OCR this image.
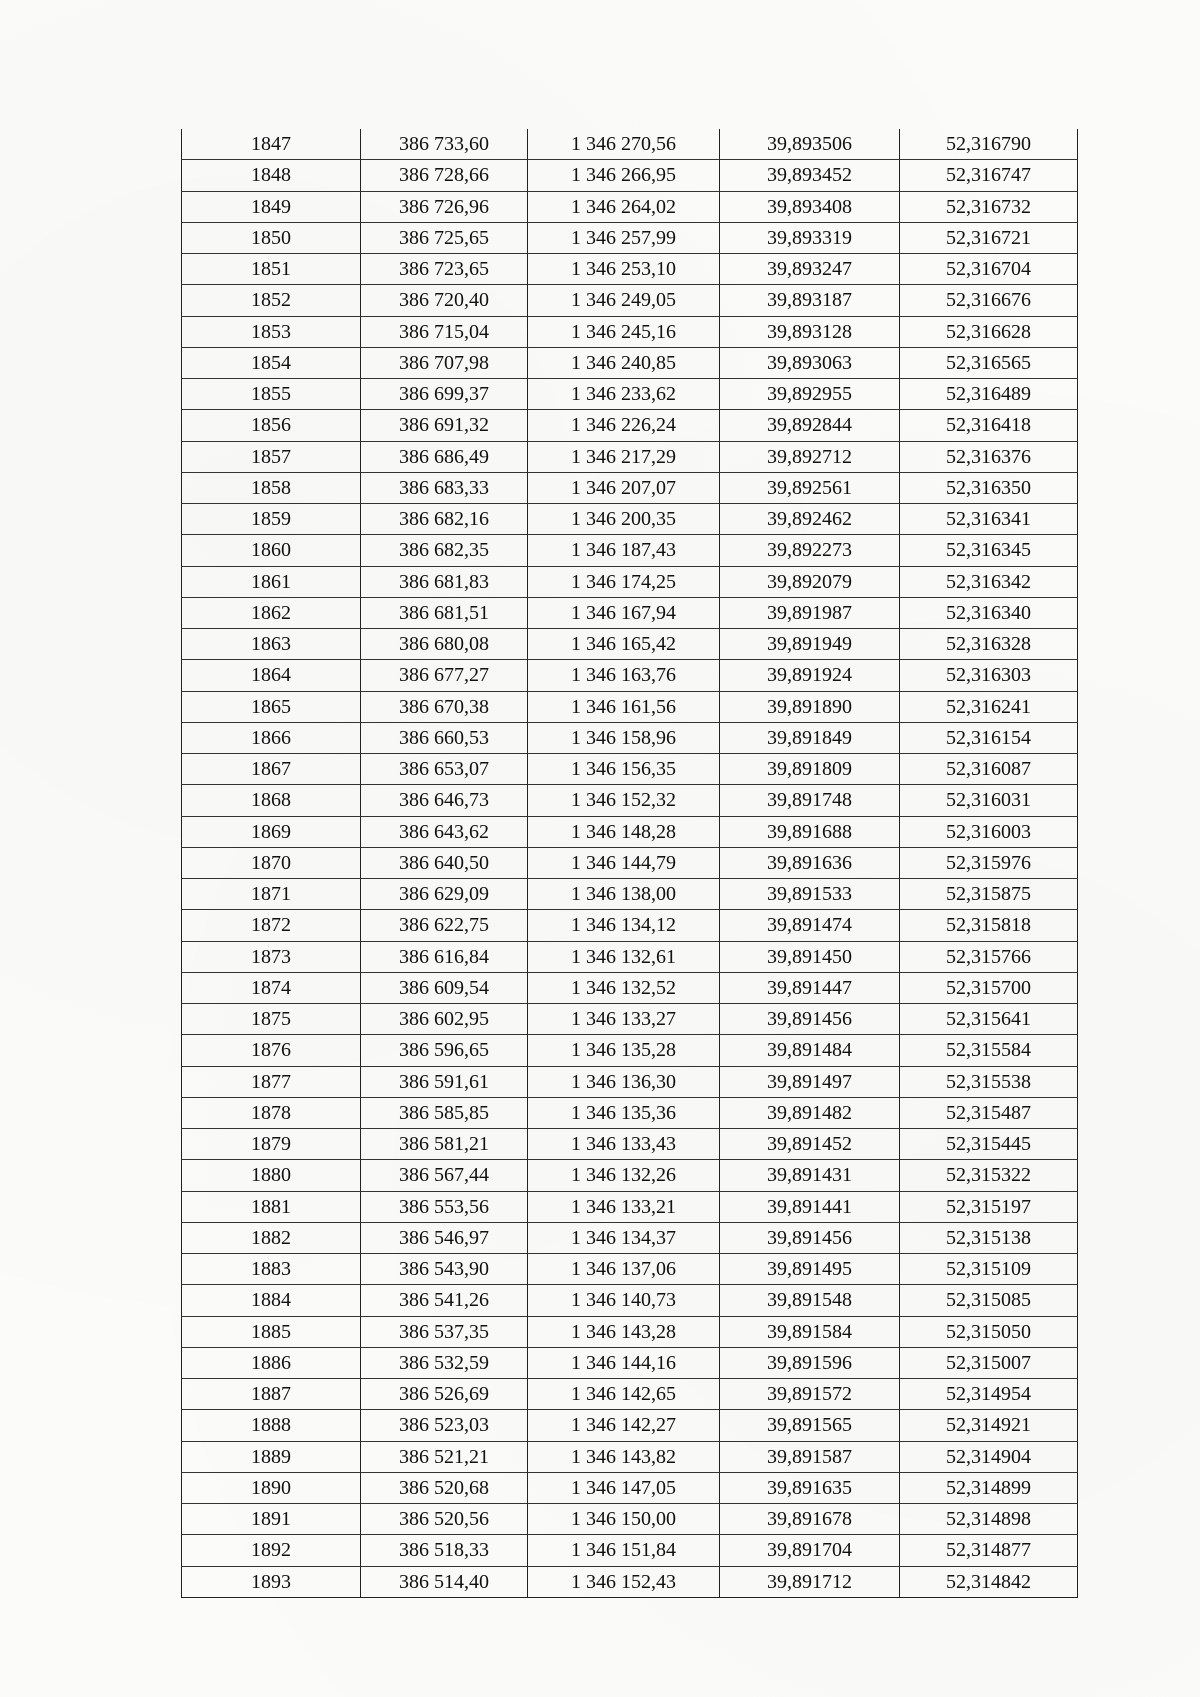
1847	386 733,60	1 346 270,56	39,893506	52,316790
1848	386 728,66	1 346 266,95	39,893452	52,316747
1849	386 726,96	1 346 264,02	39,893408	52,316732
1850	386 725,65	1 346 257,99	39,893319	52,316721
1851	386 723,65	1 346 253,10	39,893247	52,316704
1852	386 720,40	1 346 249,05	39,893187	52,316676
1853	386 715,04	1 346 245,16	39,893128	52,316628
1854	386 707,98	1 346 240,85	39,893063	52,316565
1855	386 699,37	1 346 233,62	39,892955	52,316489
1856	386 691,32	1 346 226,24	39,892844	52,316418
1857	386 686,49	1 346 217,29	39,892712	52,316376
1858	386 683,33	1 346 207,07	39,892561	52,316350
1859	386 682,16	1 346 200,35	39,892462	52,316341
1860	386 682,35	1 346 187,43	39,892273	52,316345
1861	386 681,83	1 346 174,25	39,892079	52,316342
1862	386 681,51	1 346 167,94	39,891987	52,316340
1863	386 680,08	1 346 165,42	39,891949	52,316328
1864	386 677,27	1 346 163,76	39,891924	52,316303
1865	386 670,38	1 346 161,56	39,891890	52,316241
1866	386 660,53	1 346 158,96	39,891849	52,316154
1867	386 653,07	1 346 156,35	39,891809	52,316087
1868	386 646,73	1 346 152,32	39,891748	52,316031
1869	386 643,62	1 346 148,28	39,891688	52,316003
1870	386 640,50	1 346 144,79	39,891636	52,315976
1871	386 629,09	1 346 138,00	39,891533	52,315875
1872	386 622,75	1 346 134,12	39,891474	52,315818
1873	386 616,84	1 346 132,61	39,891450	52,315766
1874	386 609,54	1 346 132,52	39,891447	52,315700
1875	386 602,95	1 346 133,27	39,891456	52,315641
1876	386 596,65	1 346 135,28	39,891484	52,315584
1877	386 591,61	1 346 136,30	39,891497	52,315538
1878	386 585,85	1 346 135,36	39,891482	52,315487
1879	386 581,21	1 346 133,43	39,891452	52,315445
1880	386 567,44	1 346 132,26	39,891431	52,315322
1881	386 553,56	1 346 133,21	39,891441	52,315197
1882	386 546,97	1 346 134,37	39,891456	52,315138
1883	386 543,90	1 346 137,06	39,891495	52,315109
1884	386 541,26	1 346 140,73	39,891548	52,315085
1885	386 537,35	1 346 143,28	39,891584	52,315050
1886	386 532,59	1 346 144,16	39,891596	52,315007
1887	386 526,69	1 346 142,65	39,891572	52,314954
1888	386 523,03	1 346 142,27	39,891565	52,314921
1889	386 521,21	1 346 143,82	39,891587	52,314904
1890	386 520,68	1 346 147,05	39,891635	52,314899
1891	386 520,56	1 346 150,00	39,891678	52,314898
1892	386 518,33	1 346 151,84	39,891704	52,314877
1893	386 514,40	1 346 152,43	39,891712	52,314842
